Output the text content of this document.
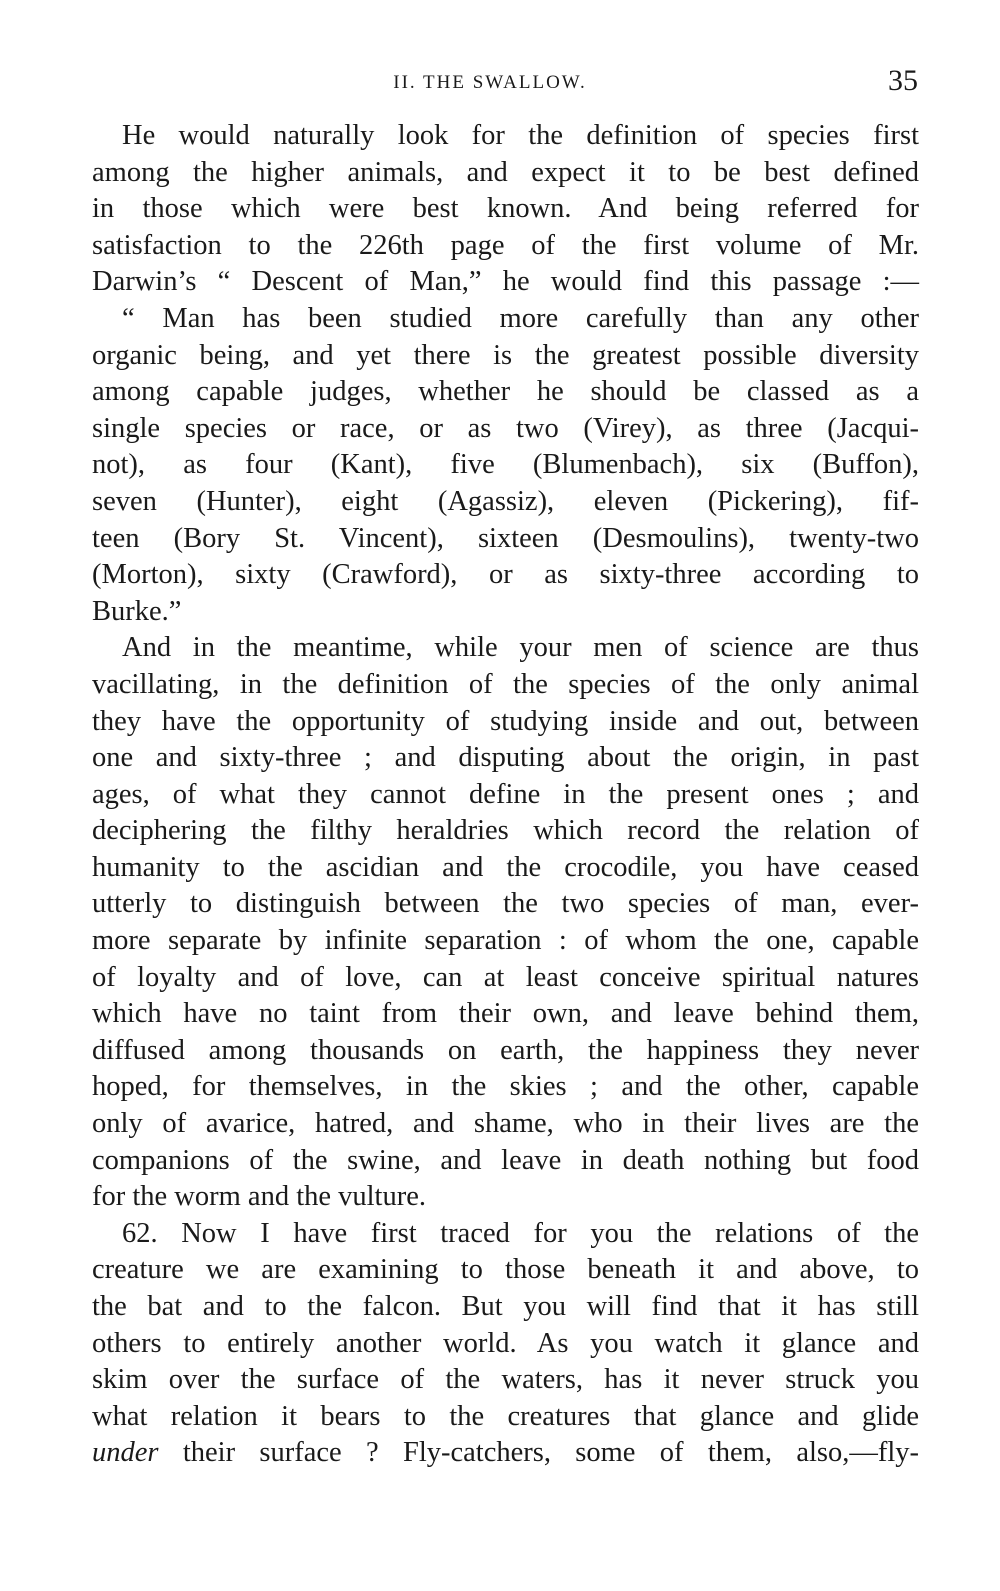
II. THE SWALLOW.	35
He would naturally look for the definition of species first
among the higher animals, and expect it to be best defined
in those which were best known. And being referred for
satisfaction to the 226th page of the first volume of Mr.
Darwin’s “ Descent of Man,” he would find this passage :—
“ Man has been studied more carefully than any other
organic being, and yet there is the greatest possible diversity
among capable judges, whether he should be classed as a
single species or race, or as two (Virey), as three (Jacqui-
not), as four (Kant), five (Blumenbach), six (Buffon),
seven (Hunter), eight (Agassiz), eleven (Pickering), fif-
teen (Bory St. Vincent), sixteen (Desmoulins), twenty-two
(Morton), sixty (Crawford), or as sixty-three according to
Burke.”
And in the meantime, while your men of science are thus
vacillating, in the definition of the species of the only animal
they have the opportunity of studying inside and out, between
one and sixty-three ; and disputing about the origin, in past
ages, of what they cannot define in the present ones ; and
deciphering the filthy heraldries which record the relation of
humanity to the ascidian and the crocodile, you have ceased
utterly to distinguish between the two species of man, ever-
more separate by infinite separation : of whom the one, capable
of loyalty and of love, can at least conceive spiritual natures
which have no taint from their own, and leave behind them,
diffused among thousands on earth, the happiness they never
hoped, for themselves, in the skies ; and the other, capable
only of avarice, hatred, and shame, who in their lives are the
companions of the swine, and leave in death nothing but food
for the worm and the vulture.
62. Now I have first traced for you the relations of the
creature we are examining to those beneath it and above, to
the bat and to the falcon. But you will find that it has still
others to entirely another world. As you watch it glance and
skim over the surface of the waters, has it never struck you
what relation it bears to the creatures that glance and glide
under their surface ? Fly-catchers, some of them, also,—fly-
